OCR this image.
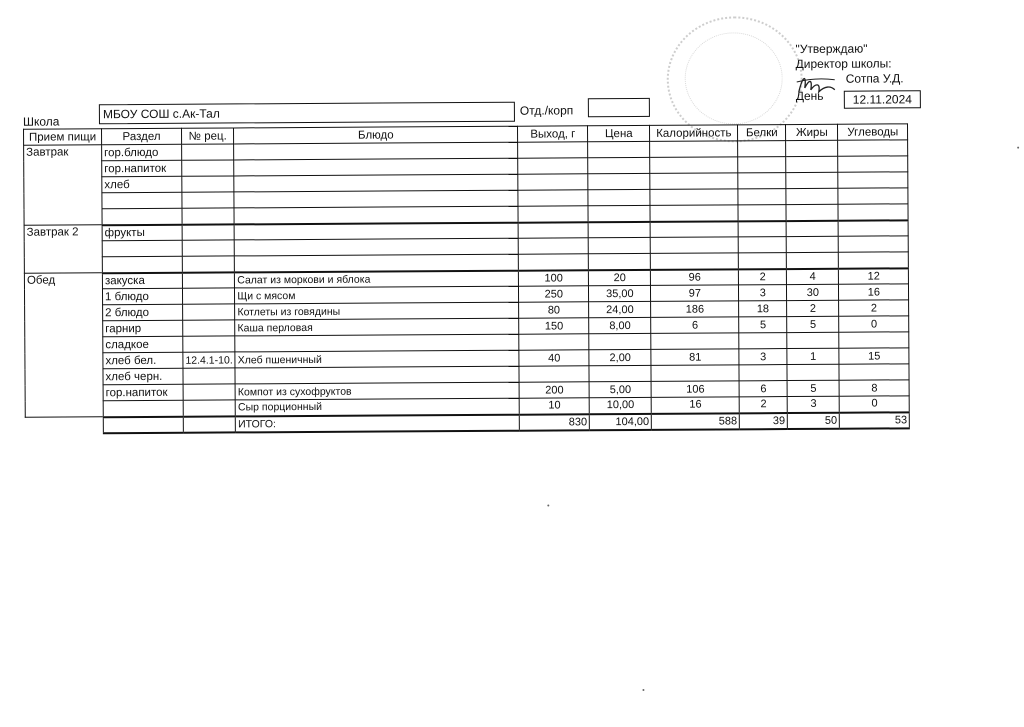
"Утверждаю"
Директор школы:
Сотпа У.Д.
День	12.11.2024
Школа
МБОУ СОШ с.Ак-Тал	Отд./корп
Прием пищи	Раздел	№ рец.	Блюдо	Выход, г	Цена	Калорийность	Белки	Жиры	Углеводы
Завтрак	гор.блюдо								
	гор.напиток								
	хлеб								

Завтрак 2	фрукты								

Обед	закуска		Салат из моркови и яблока	100	20	96	2	4	12
	1 блюдо		Щи с мясом	250	35,00	97	3	30	16
	2 блюдо		Котлеты из говядины	80	24,00	186	18	2	2
	гарнир		Каша перловая	150	8,00	6	5	5	0
	сладкое								
	хлеб бел.	12.4.1-10.	Хлеб пшеничный	40	2,00	81	3	1	15
	хлеб черн.								
	гор.напиток		Компот из сухофруктов	200	5,00	106	6	5	8
			Сыр порционный	10	10,00	16	2	3	0
			ИТОГО:	830	104,00	588	39	50	53
